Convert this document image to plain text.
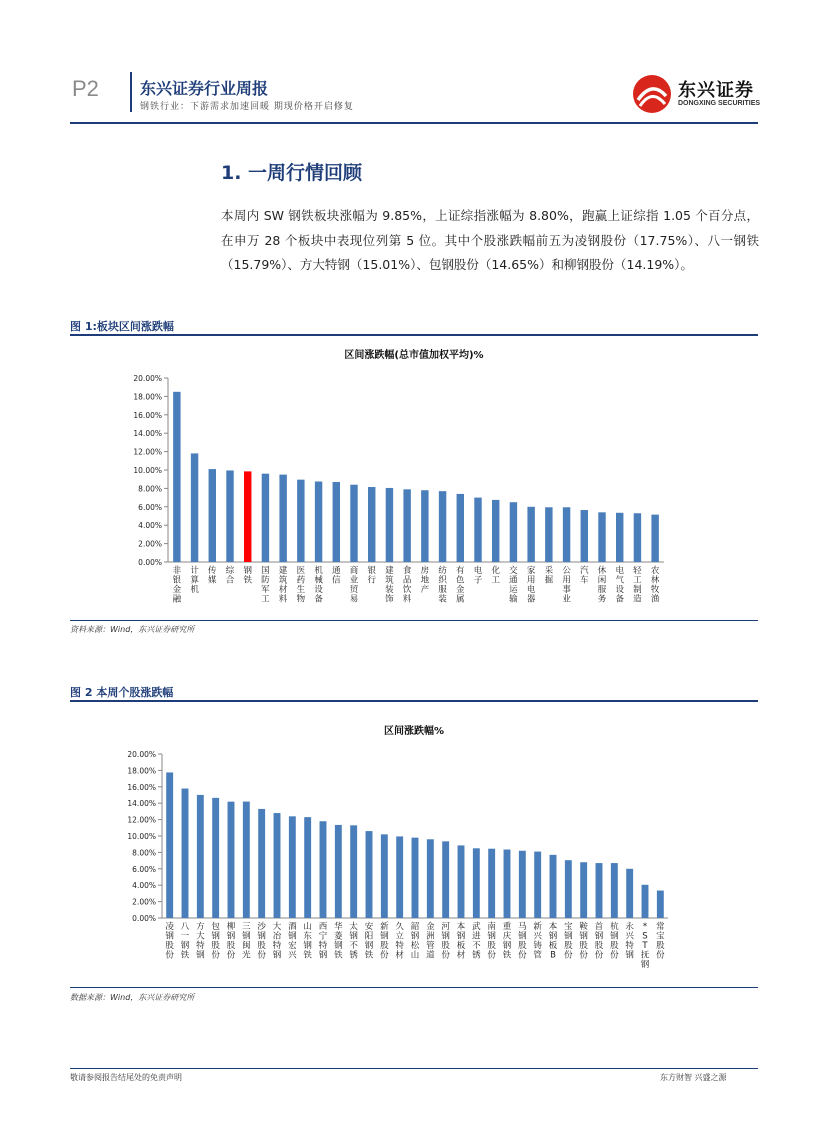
P2	东兴证券行业周报
钢铁行业：下游需求加速回暖 期现价格开启修复
东兴证券
DONGXING SECURITIES
1. 一周行情回顾
本周内 SW 钢铁板块涨幅为 9.85%，上证综指涨幅为 8.80%，跑赢上证综指 1.05 个百分点，在申万 28 个板块中表现位列第 5 位。其中个股涨跌幅前五为凌钢股份（17.75%）、八一钢铁（15.79%）、方大特钢（15.01%）、包钢股份（14.65%）和柳钢股份（14.19%）。
图 1:板块区间涨跌幅
区间涨跌幅(总市值加权平均)%
0.00%
2.00%
4.00%
6.00%
8.00%
10.00%
12.00%
14.00%
16.00%
18.00%
20.00%
非
银
金
融
计
算
机
传
媒
综
合
钢
铁
国
防
军
工
建
筑
材
料
医
药
生
物
机
械
设
备
通
信
商
业
贸
易
银
行
建
筑
装
饰
食
品
饮
料
房
地
产
纺
织
服
装
有
色
金
属
电
子
化
工
交
通
运
输
家
用
电
器
采
掘
公
用
事
业
汽
车
休
闲
服
务
电
气
设
备
轻
工
制
造
农
林
牧
渔
资料来源：Wind，东兴证券研究所
图 2 本周个股涨跌幅
区间涨跌幅%
0.00%
2.00%
4.00%
6.00%
8.00%
10.00%
12.00%
14.00%
16.00%
18.00%
20.00%
凌
钢
股
份
八
一
钢
铁
方
大
特
钢
包
钢
股
份
柳
钢
股
份
三
钢
闽
光
沙
钢
股
份
大
冶
特
钢
酒
钢
宏
兴
山
东
钢
铁
西
宁
特
钢
华
菱
钢
铁
太
钢
不
锈
安
阳
钢
铁
新
钢
股
份
久
立
特
材
韶
钢
松
山
金
洲
管
道
河
钢
股
份
本
钢
板
材
武
进
不
锈
南
钢
股
份
重
庆
钢
铁
马
钢
股
份
新
兴
铸
管
本
钢
板
B
宝
钢
股
份
鞍
钢
股
份
首
钢
股
份
杭
钢
股
份
永
兴
特
钢
*
S
T
抚
钢
常
宝
股
份
数据来源：Wind，东兴证券研究所
敬请参阅报告结尾处的免责声明	东方财智 兴盛之源
